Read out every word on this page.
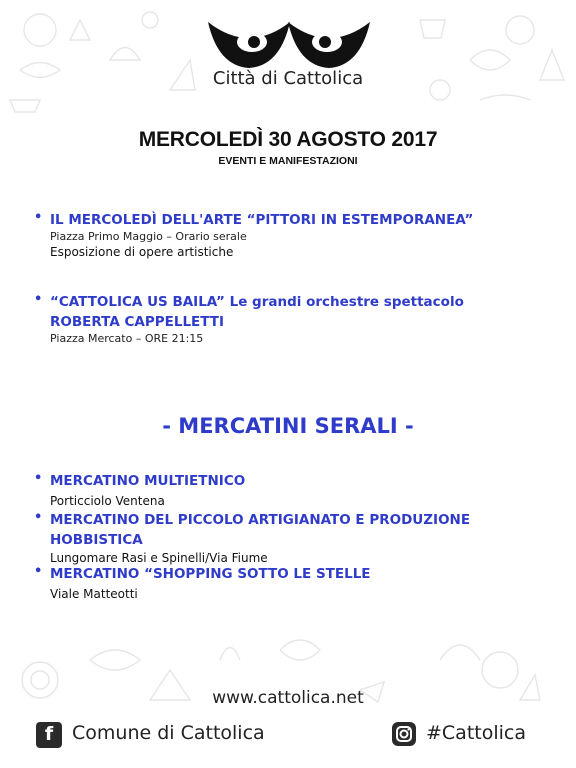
Città di Cattolica
MERCOLEDÌ 30 AGOSTO 2017
EVENTI E MANIFESTAZIONI
• IL MERCOLEDÌ DELL'ARTE “PITTORI IN ESTEMPORANEA”
Piazza Primo Maggio – Orario serale
Esposizione di opere artistiche
• “CATTOLICA US BAILA” Le grandi orchestre spettacolo
ROBERTA CAPPELLETTI
Piazza Mercato – ORE 21:15
- MERCATINI SERALI -
• MERCATINO MULTIETNICO
Porticciolo Ventena
• MERCATINO DEL PICCOLO ARTIGIANATO E PRODUZIONE
HOBBISTICA
Lungomare Rasi e Spinelli/Via Fiume
• MERCATINO “SHOPPING SOTTO LE STELLE
Viale Matteotti
www.cattolica.net
f Comune di Cattolica	#Cattolica
